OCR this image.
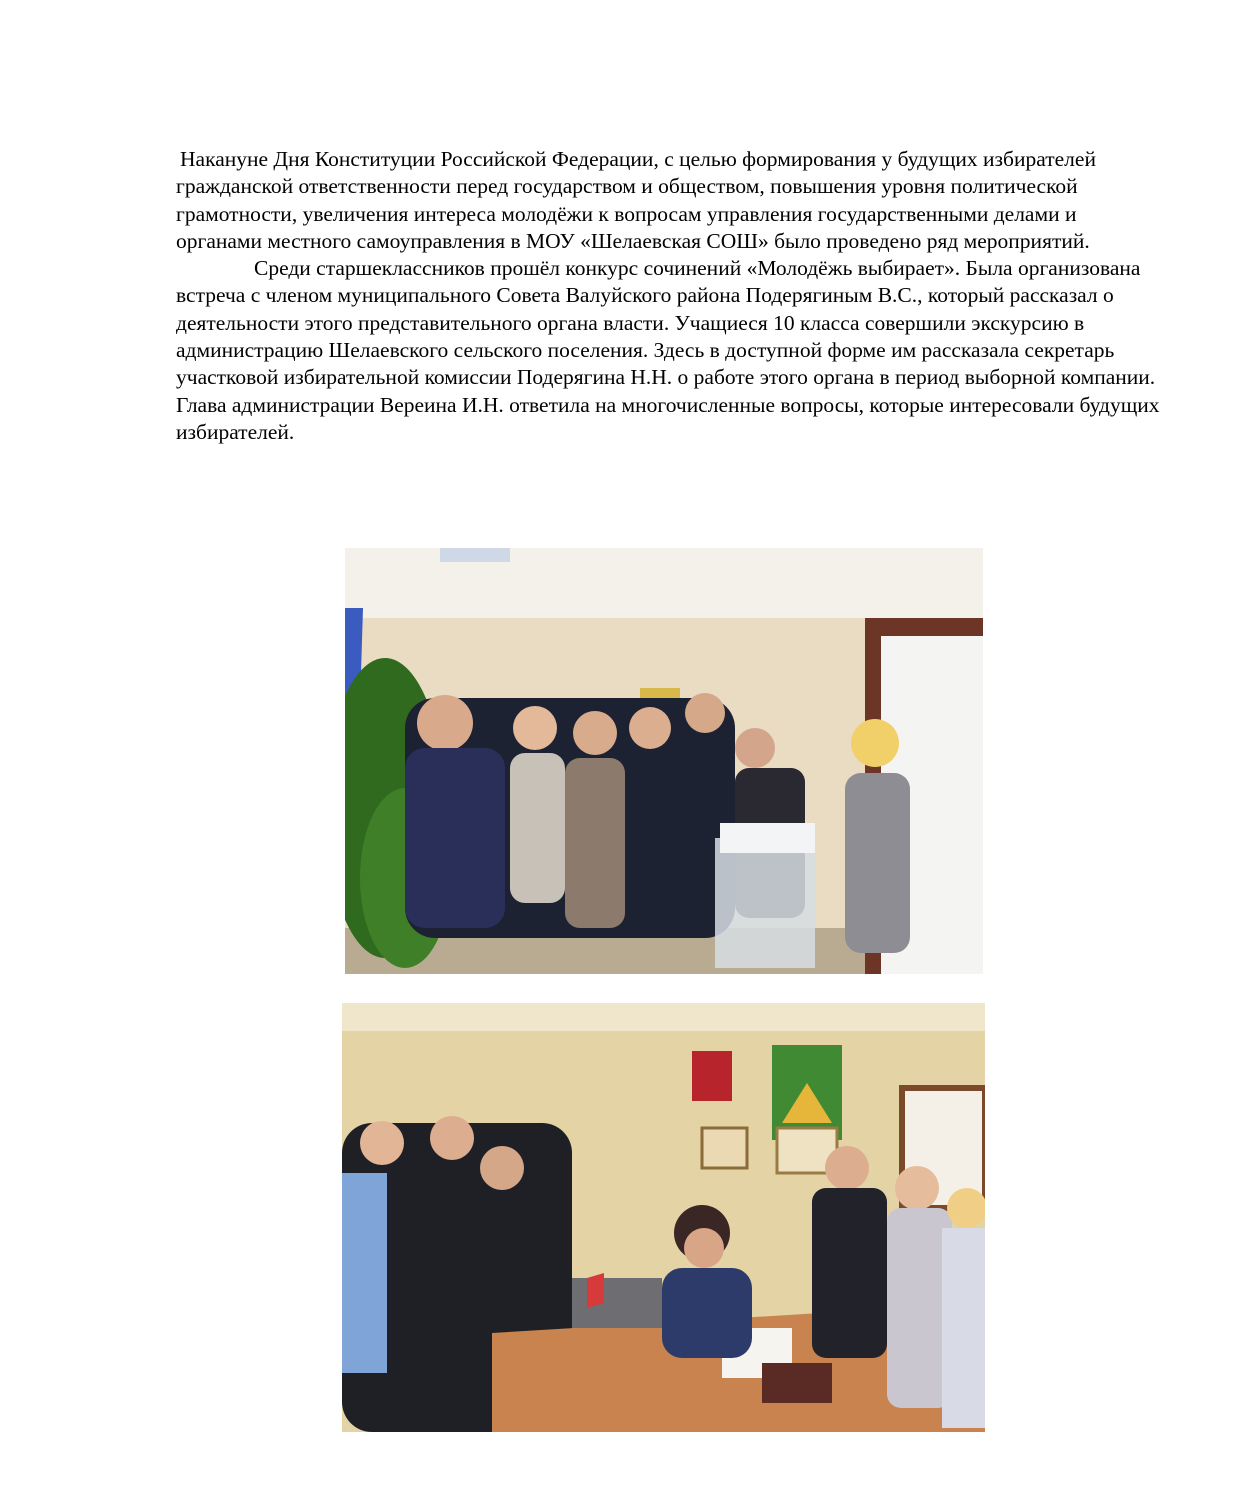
Накануне Дня Конституции Российской Федерации, с целью формирования у будущих избирателей гражданской ответственности перед государством и обществом, повышения уровня политической грамотности, увеличения интереса молодёжи к вопросам управления государственными делами и органами местного самоуправления в МОУ «Шелаевская СОШ» было проведено ряд мероприятий.

Среди старшеклассников прошёл конкурс сочинений «Молодёжь выбирает». Была организована встреча с членом муниципального Совета Валуйского района Подерягиным В.С., который рассказал о деятельности этого представительного органа власти. Учащиеся 10 класса совершили экскурсию в администрацию Шелаевского сельского поселения. Здесь в доступной форме им рассказала секретарь участковой избирательной комиссии Подерягина Н.Н. о работе этого органа в период выборной компании. Глава администрации Вереина И.Н. ответила на многочисленные вопросы, которые интересовали будущих избирателей.
